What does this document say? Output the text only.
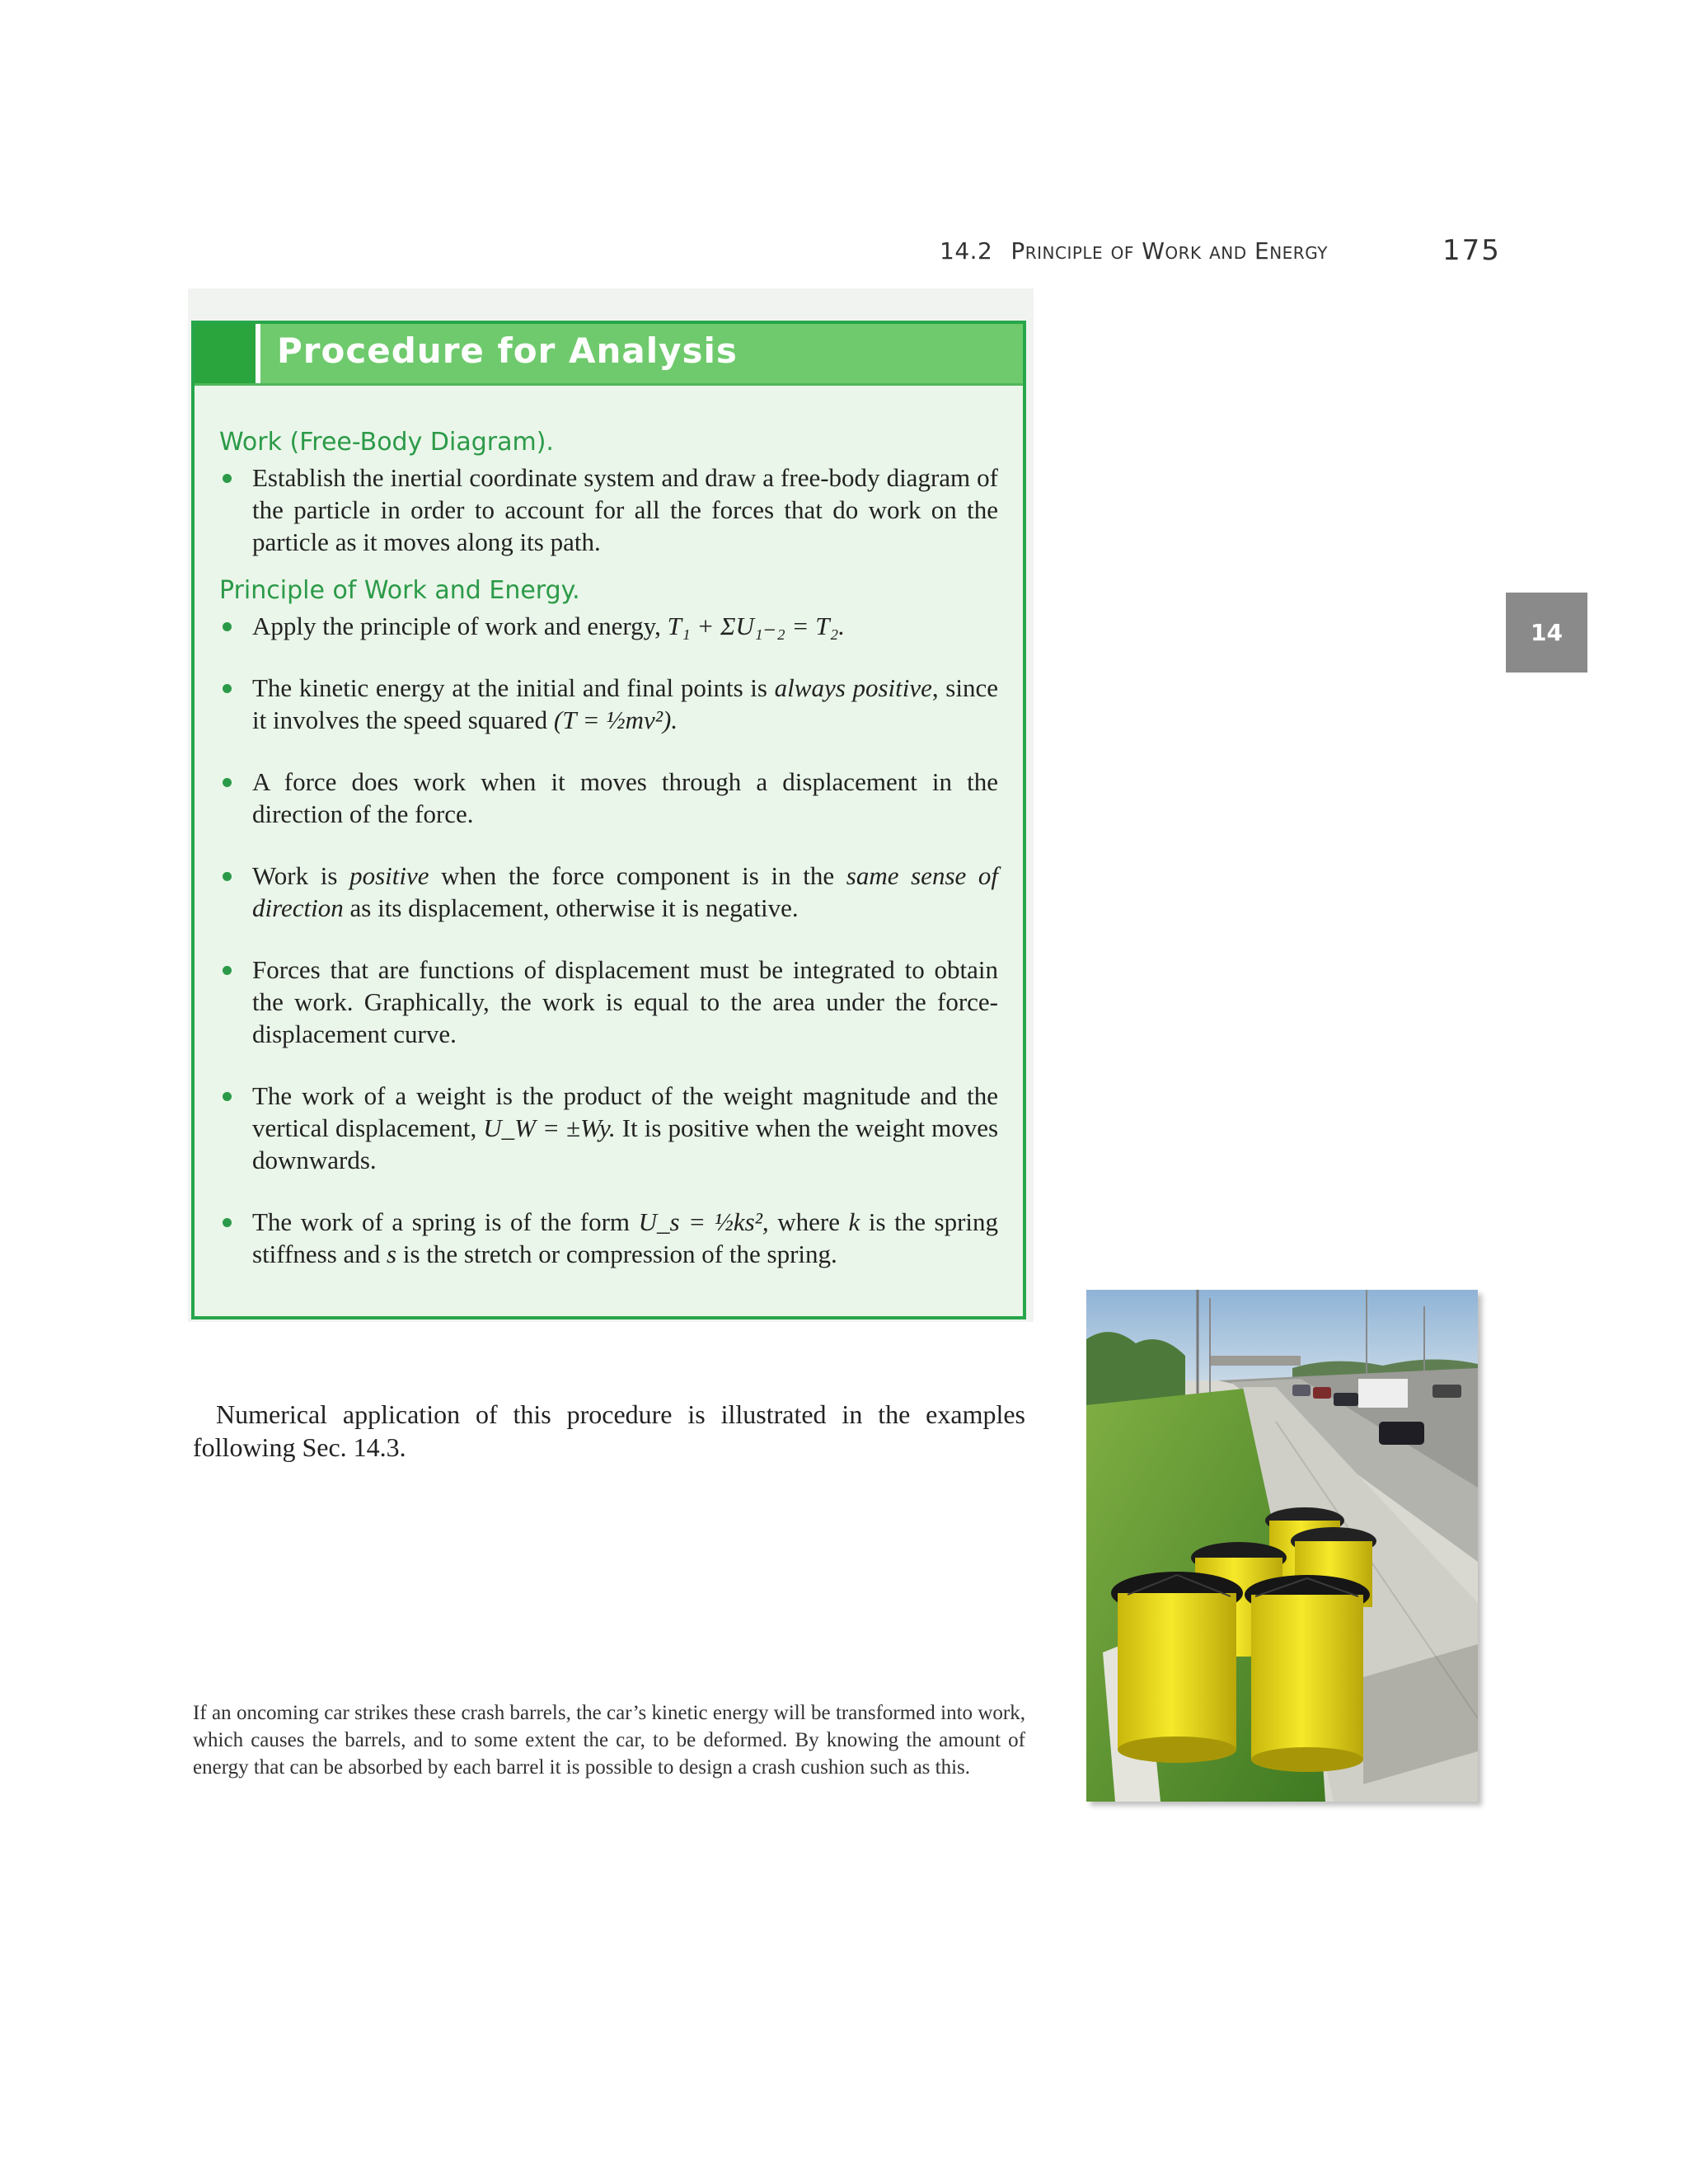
14.2 Principle of Work and Energy	175
14
Procedure for Analysis
Work (Free-Body Diagram).
Establish the inertial coordinate system and draw a free-body diagram of the particle in order to account for all the forces that do work on the particle as it moves along its path.
Principle of Work and Energy.
Apply the principle of work and energy, T₁ + ΣU₁₋₂ = T₂.
The kinetic energy at the initial and final points is always positive, since it involves the speed squared (T = ½mv²).
A force does work when it moves through a displacement in the direction of the force.
Work is positive when the force component is in the same sense of direction as its displacement, otherwise it is negative.
Forces that are functions of displacement must be integrated to obtain the work. Graphically, the work is equal to the area under the force-displacement curve.
The work of a weight is the product of the weight magnitude and the vertical displacement, U_W = ±Wy. It is positive when the weight moves downwards.
The work of a spring is of the form U_s = ½ks², where k is the spring stiffness and s is the stretch or compression of the spring.

Numerical application of this procedure is illustrated in the examples following Sec. 14.3.

If an oncoming car strikes these crash barrels, the car’s kinetic energy will be transformed into work, which causes the barrels, and to some extent the car, to be deformed. By knowing the amount of energy that can be absorbed by each barrel it is possible to design a crash cushion such as this.
